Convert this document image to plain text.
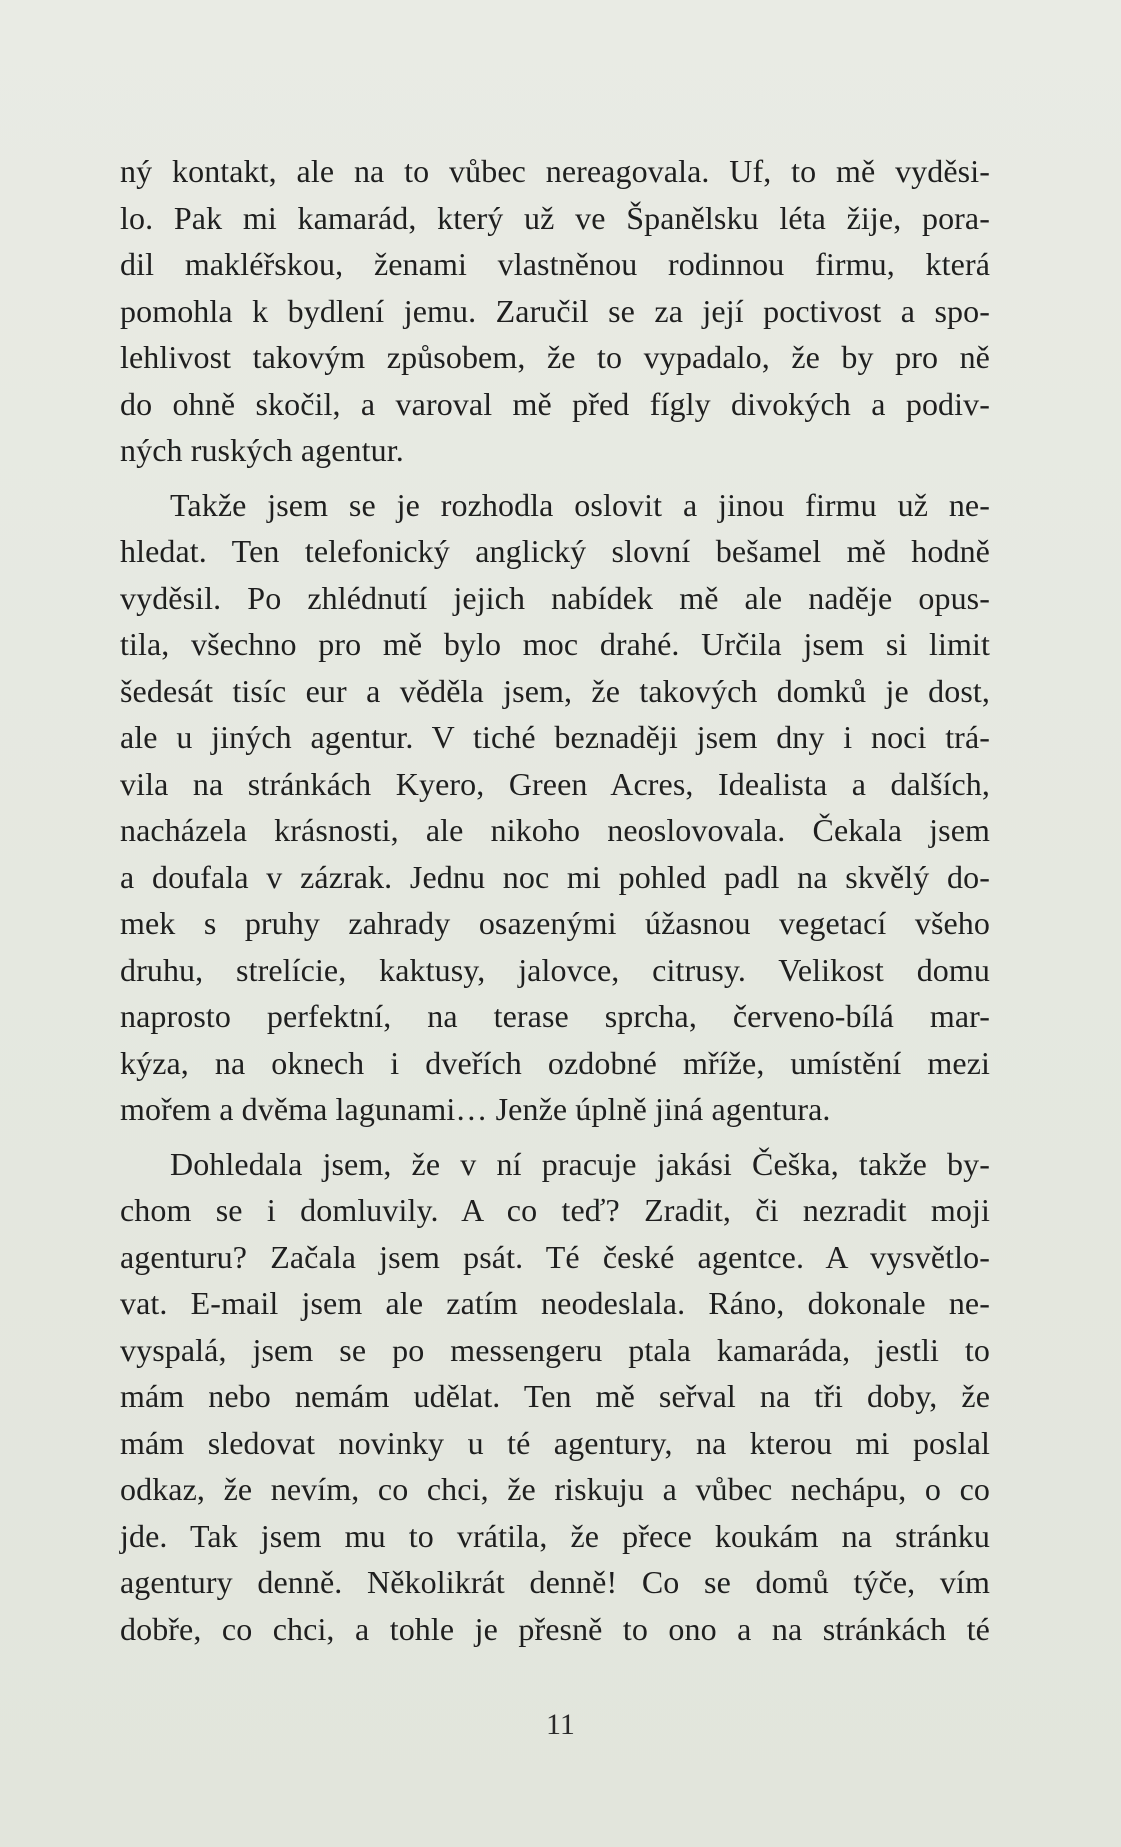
ný kontakt, ale na to vůbec nereagovala. Uf, to mě vyděsi-
lo. Pak mi kamarád, který už ve Španělsku léta žije, pora-
dil makléřskou, ženami vlastněnou rodinnou firmu, která
pomohla k bydlení jemu. Zaručil se za její poctivost a spo-
lehlivost takovým způsobem, že to vypadalo, že by pro ně
do ohně skočil, a varoval mě před fígly divokých a podiv-
ných ruských agentur.
Takže jsem se je rozhodla oslovit a jinou firmu už ne-
hledat. Ten telefonický anglický slovní bešamel mě hodně
vyděsil. Po zhlédnutí jejich nabídek mě ale naděje opus-
tila, všechno pro mě bylo moc drahé. Určila jsem si limit
šedesát tisíc eur a věděla jsem, že takových domků je dost,
ale u jiných agentur. V tiché beznaději jsem dny i noci trá-
vila na stránkách Kyero, Green Acres, Idealista a dalších,
nacházela krásnosti, ale nikoho neoslovovala. Čekala jsem
a doufala v zázrak. Jednu noc mi pohled padl na skvělý do-
mek s pruhy zahrady osazenými úžasnou vegetací všeho
druhu, strelície, kaktusy, jalovce, citrusy. Velikost domu
naprosto perfektní, na terase sprcha, červeno-bílá mar-
kýza, na oknech i dveřích ozdobné mříže, umístění mezi
mořem a dvěma lagunami… Jenže úplně jiná agentura.
Dohledala jsem, že v ní pracuje jakási Češka, takže by-
chom se i domluvily. A co teď? Zradit, či nezradit moji
agenturu? Začala jsem psát. Té české agentce. A vysvětlo-
vat. E-mail jsem ale zatím neodeslala. Ráno, dokonale ne-
vyspalá, jsem se po messengeru ptala kamaráda, jestli to
mám nebo nemám udělat. Ten mě seřval na tři doby, že
mám sledovat novinky u té agentury, na kterou mi poslal
odkaz, že nevím, co chci, že riskuju a vůbec nechápu, o co
jde. Tak jsem mu to vrátila, že přece koukám na stránku
agentury denně. Několikrát denně! Co se domů týče, vím
dobře, co chci, a tohle je přesně to ono a na stránkách té
11
